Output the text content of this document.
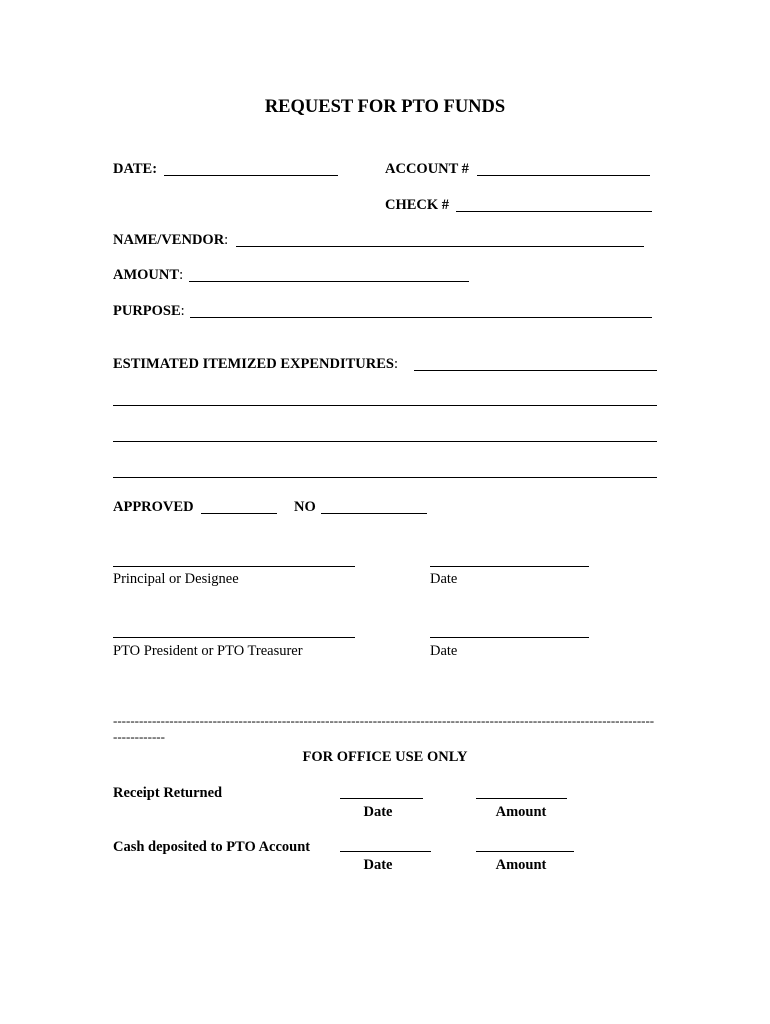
REQUEST FOR PTO FUNDS
DATE:	ACCOUNT #
CHECK #
NAME/VENDOR:
AMOUNT:
PURPOSE:
ESTIMATED ITEMIZED EXPENDITURES:
APPROVED	NO
Principal or Designee	Date
PTO President or PTO Treasurer	Date
-----------------------------------------------------------------------------------------------------------------------------------------
FOR OFFICE USE ONLY
Receipt Returned
Date	Amount
Cash deposited to PTO Account
Date	Amount
